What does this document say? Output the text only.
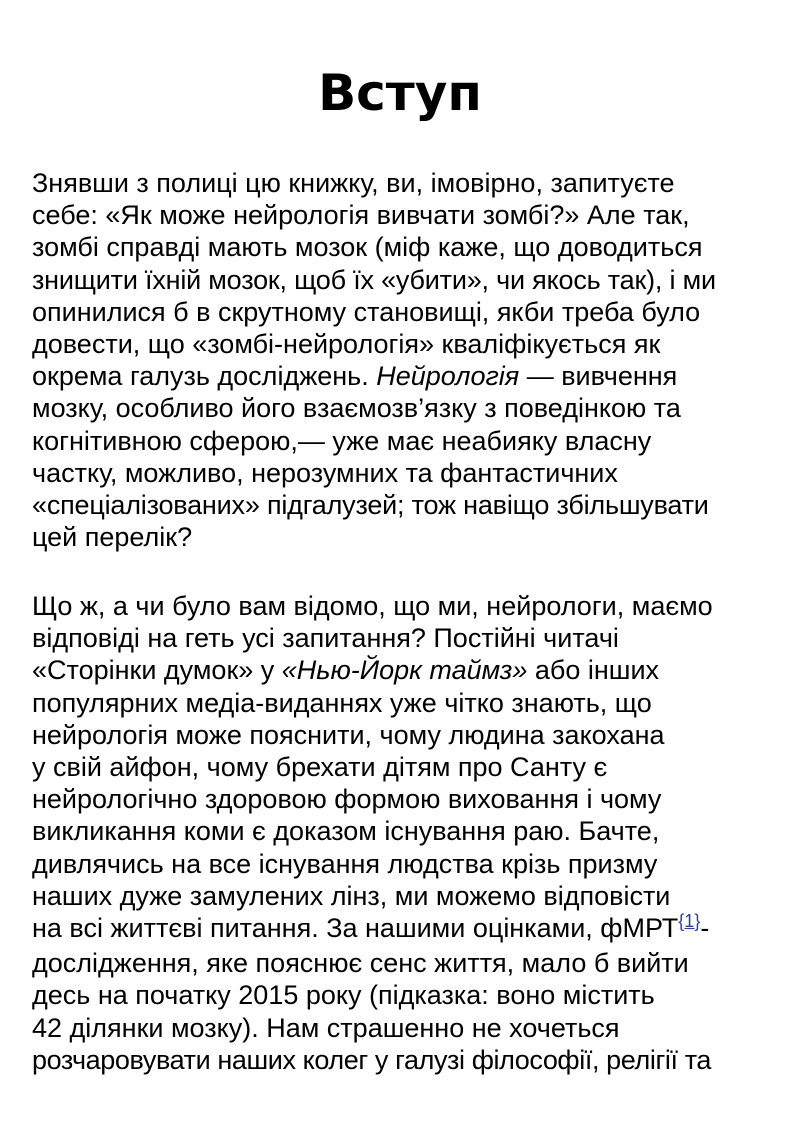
Вступ
Знявши з полиці цю книжку, ви, імовірно, запитуєте
себе: «Як може нейрологія вивчати зомбі?» Але так,
зомбі справді мають мозок (міф каже, що доводиться
знищити їхній мозок, щоб їх «убити», чи якось так), і ми
опинилися б в скрутному становищі, якби треба було
довести, що «зомбі-нейрологія» кваліфікується як
окрема галузь досліджень. Нейрологія — вивчення
мозку, особливо його взаємозв’язку з поведінкою та
когнітивною сферою,— уже має неабияку власну
частку, можливо, нерозумних та фантастичних
«спеціалізованих» підгалузей; тож навіщо збільшувати
цей перелік?
Що ж, а чи було вам відомо, що ми, нейрологи, маємо
відповіді на геть усі запитання? Постійні читачі
«Сторінки думок» у «Нью-Йорк таймз» або інших
популярних медіа-виданнях уже чітко знають, що
нейрологія може пояснити, чому людина закохана
у свій айфон, чому брехати дітям про Санту є
нейрологічно здоровою формою виховання і чому
викликання коми є доказом існування раю. Бачте,
дивлячись на все існування людства крізь призму
наших дуже замулених лінз, ми можемо відповісти
на всі життєві питання. За нашими оцінками, фМРТ$^{\{1\}}$-
дослідження, яке пояснює сенс життя, мало б вийти
десь на початку 2015 року (підказка: воно містить
42 ділянки мозку). Нам страшенно не хочеться
розчаровувати наших колег у галузі філософії, релігії та
